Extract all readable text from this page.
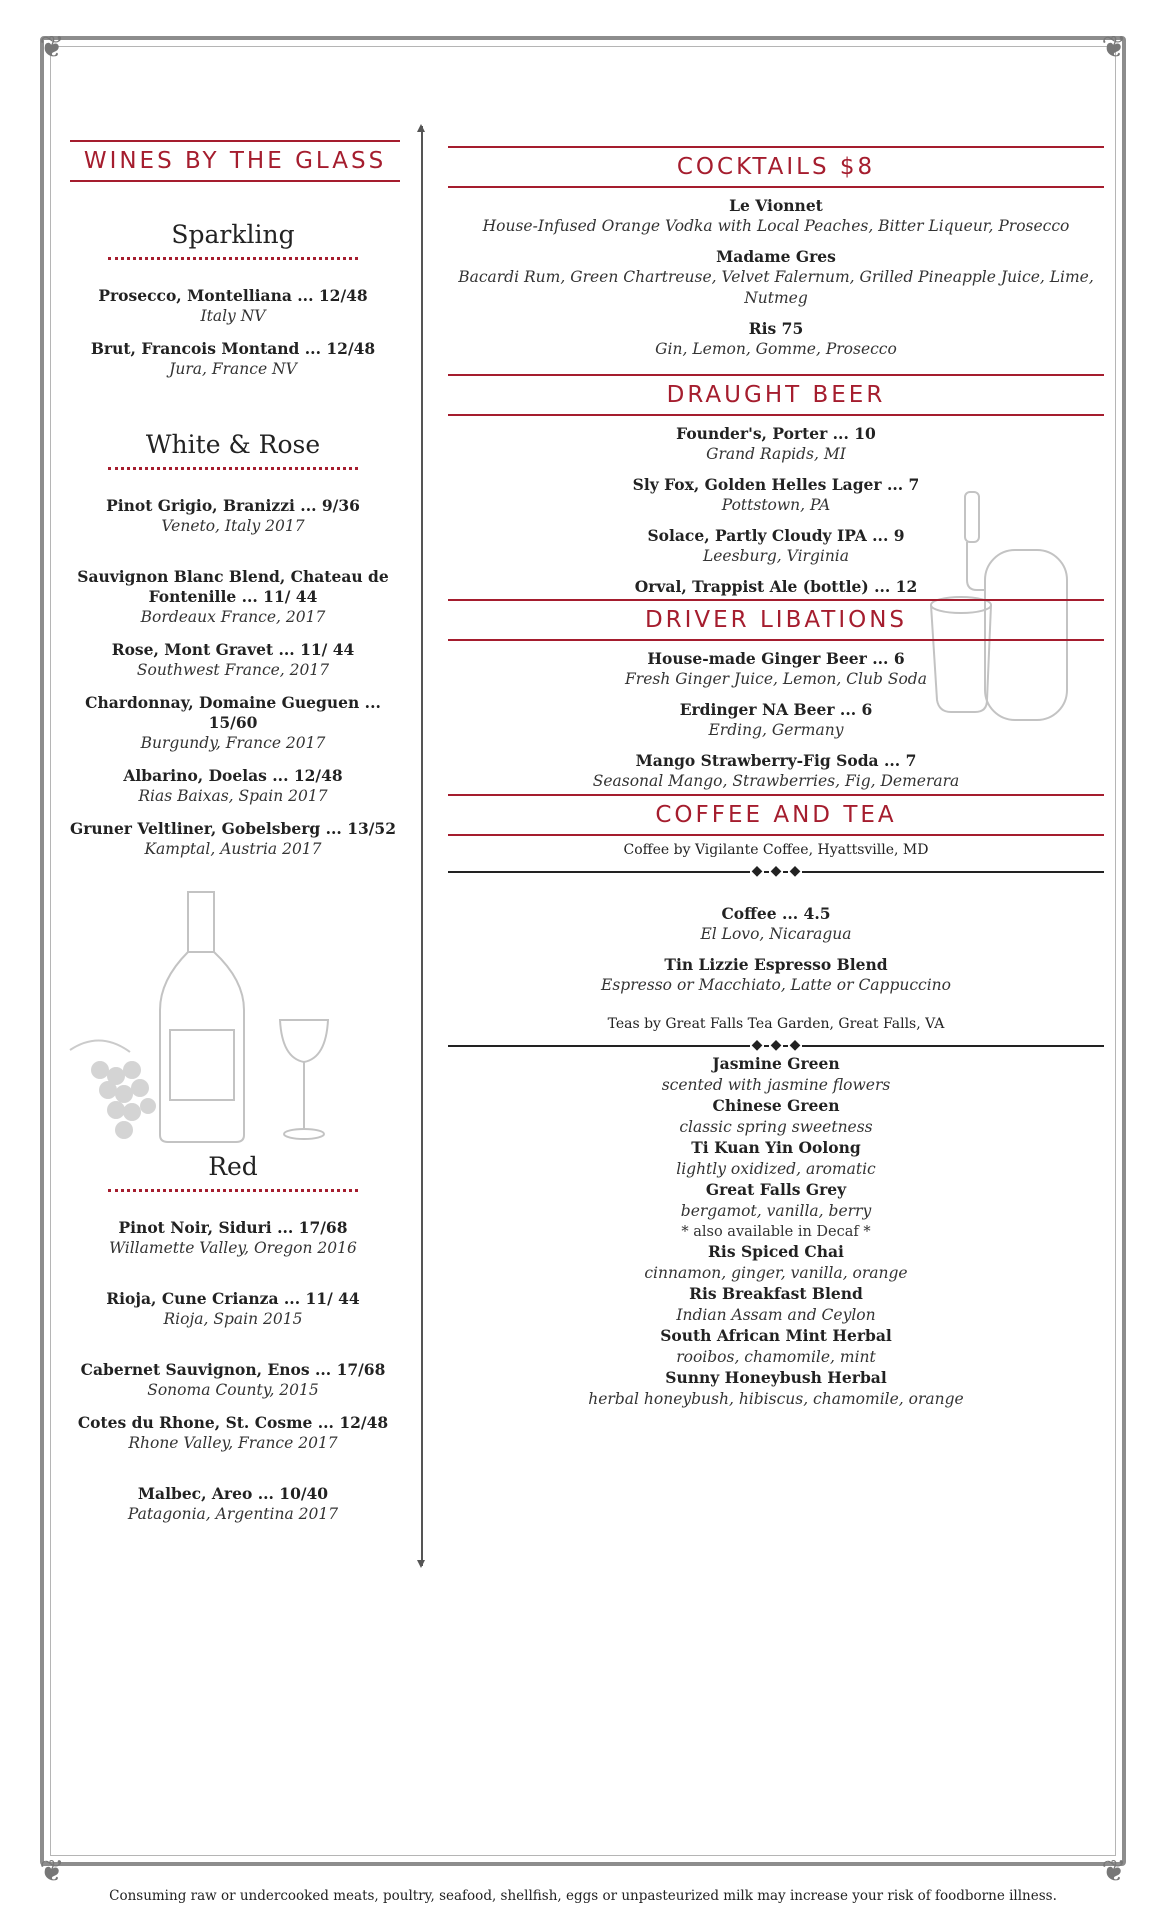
❦	❦
❦	❦
WINES BY THE GLASS
Sparkling
Prosecco, Montelliana ... 12/48
Italy NV
Brut, Francois Montand ... 12/48
Jura, France NV
White & Rose
Pinot Grigio, Branizzi ... 9/36
Veneto, Italy 2017
Sauvignon Blanc Blend, Chateau de Fontenille ... 11/ 44
Bordeaux France, 2017
Rose, Mont Gravet ... 11/ 44
Southwest France, 2017
Chardonnay, Domaine Gueguen ... 15/60
Burgundy, France 2017
Albarino, Doelas ... 12/48
Rias Baixas, Spain 2017
Gruner Veltliner, Gobelsberg ... 13/52
Kamptal, Austria 2017
Red
Pinot Noir, Siduri ... 17/68
Willamette Valley, Oregon 2016
Rioja, Cune Crianza ... 11/ 44
Rioja, Spain 2015
Cabernet Sauvignon, Enos ... 17/68
Sonoma County, 2015
Cotes du Rhone, St. Cosme ... 12/48
Rhone Valley, France 2017
Malbec, Areo ... 10/40
Patagonia, Argentina 2017
COCKTAILS $8
Le Vionnet
House-Infused Orange Vodka with Local Peaches, Bitter Liqueur, Prosecco
Madame Gres
Bacardi Rum, Green Chartreuse, Velvet Falernum, Grilled Pineapple Juice, Lime, Nutmeg
Ris 75
Gin, Lemon, Gomme, Prosecco
DRAUGHT BEER
Founder's, Porter ... 10
Grand Rapids, MI
Sly Fox, Golden Helles Lager ... 7
Pottstown, PA
Solace, Partly Cloudy IPA ... 9
Leesburg, Virginia
Orval, Trappist Ale (bottle) ... 12
DRIVER LIBATIONS
House-made Ginger Beer ... 6
Fresh Ginger Juice, Lemon, Club Soda
Erdinger NA Beer ... 6
Erding, Germany
Mango Strawberry-Fig Soda ... 7
Seasonal Mango, Strawberries, Fig, Demerara
COFFEE AND TEA
Coffee by Vigilante Coffee, Hyattsville, MD
◆ ◆ ◆
Coffee ... 4.5
El Lovo, Nicaragua
Tin Lizzie Espresso Blend
Espresso or Macchiato, Latte or Cappuccino
Teas by Great Falls Tea Garden, Great Falls, VA
◆ ◆ ◆
Jasmine Green
scented with jasmine flowers
Chinese Green
classic spring sweetness
Ti Kuan Yin Oolong
lightly oxidized, aromatic
Great Falls Grey
bergamot, vanilla, berry
* also available in Decaf *
Ris Spiced Chai
cinnamon, ginger, vanilla, orange
Ris Breakfast Blend
Indian Assam and Ceylon
South African Mint Herbal
rooibos, chamomile, mint
Sunny Honeybush Herbal
herbal honeybush, hibiscus, chamomile, orange
Consuming raw or undercooked meats, poultry, seafood, shellfish, eggs or unpasteurized milk may increase your risk of foodborne illness.
